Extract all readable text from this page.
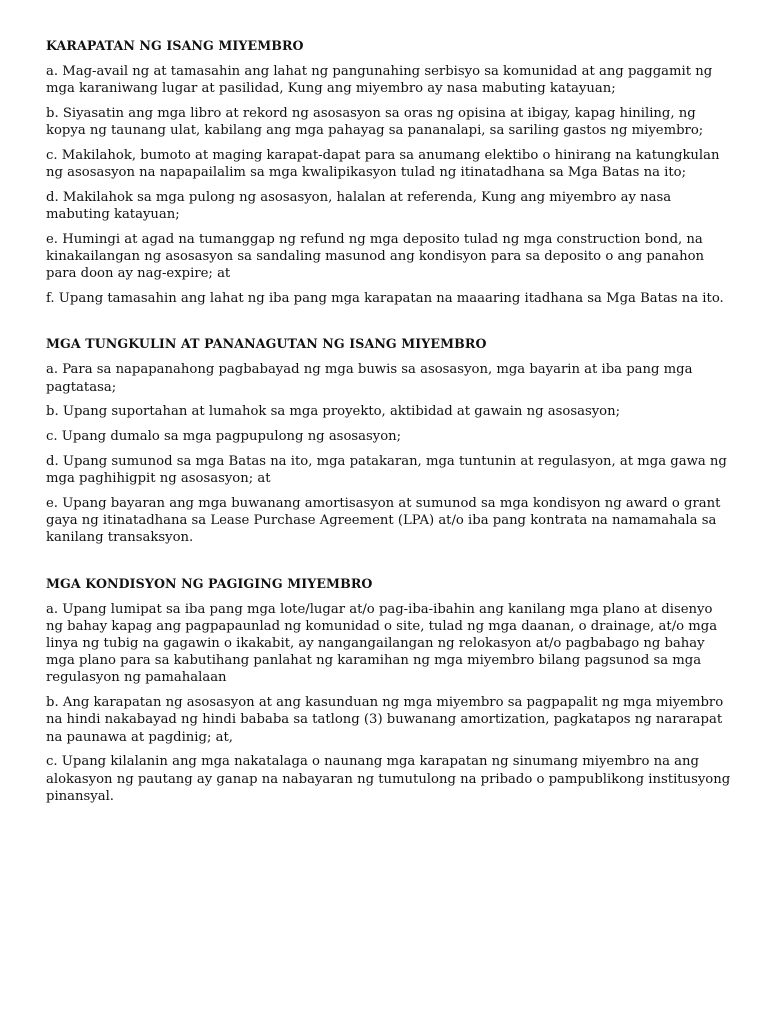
KARAPATAN NG ISANG MIYEMBRO
a. Mag-avail ng at tamasahin ang lahat ng pangunahing serbisyo sa komunidad at ang paggamit ng mga karaniwang lugar at pasilidad, Kung ang miyembro ay nasa mabuting katayuan;
b. Siyasatin ang mga libro at rekord ng asosasyon sa oras ng opisina at ibigay, kapag hiniling, ng kopya ng taunang ulat, kabilang ang mga pahayag sa pananalapi, sa sariling gastos ng miyembro;
c. Makilahok, bumoto at maging karapat-dapat para sa anumang elektibo o hinirang na katungkulan ng asosasyon na napapailalim sa mga kwalipikasyon tulad ng itinatadhana sa Mga Batas na ito;
d. Makilahok sa mga pulong ng asosasyon, halalan at referenda, Kung ang miyembro ay nasa mabuting katayuan;
e. Humingi at agad na tumanggap ng refund ng mga deposito tulad ng mga construction bond, na kinakailangan ng asosasyon sa sandaling masunod ang kondisyon para sa deposito o ang panahon para doon ay nag-expire; at
f. Upang tamasahin ang lahat ng iba pang mga karapatan na maaaring itadhana sa Mga Batas na ito.
MGA TUNGKULIN AT PANANAGUTAN NG ISANG MIYEMBRO
a. Para sa napapanahong pagbabayad ng mga buwis sa asosasyon, mga bayarin at iba pang mga pagtatasa;
b. Upang suportahan at lumahok sa mga proyekto, aktibidad at gawain ng asosasyon;
c. Upang dumalo sa mga pagpupulong ng asosasyon;
d. Upang sumunod sa mga Batas na ito, mga patakaran, mga tuntunin at regulasyon, at mga gawa ng mga paghihigpit ng asosasyon; at
e. Upang bayaran ang mga buwanang amortisasyon at sumunod sa mga kondisyon ng award o grant gaya ng itinatadhana sa Lease Purchase Agreement (LPA) at/o iba pang kontrata na namamahala sa kanilang transaksyon.
MGA KONDISYON NG PAGIGING MIYEMBRO
a. Upang lumipat sa iba pang mga lote/lugar at/o pag-iba-ibahin ang kanilang mga plano at disenyo ng bahay kapag ang pagpapaunlad ng komunidad o site, tulad ng mga daanan, o drainage, at/o mga linya ng tubig na gagawin o ikakabit, ay nangangailangan ng relokasyon at/o pagbabago ng bahay mga plano para sa kabutihang panlahat ng karamihan ng mga miyembro bilang pagsunod sa mga regulasyon ng pamahalaan
b. Ang karapatan ng asosasyon at ang kasunduan ng mga miyembro sa pagpapalit ng mga miyembro na hindi nakabayad ng hindi bababa sa tatlong (3) buwanang amortization, pagkatapos ng nararapat na paunawa at pagdinig; at,
c. Upang kilalanin ang mga nakatalaga o naunang mga karapatan ng sinumang miyembro na ang alokasyon ng pautang ay ganap na nabayaran ng tumutulong na pribado o pampublikong institusyong pinansyal.
